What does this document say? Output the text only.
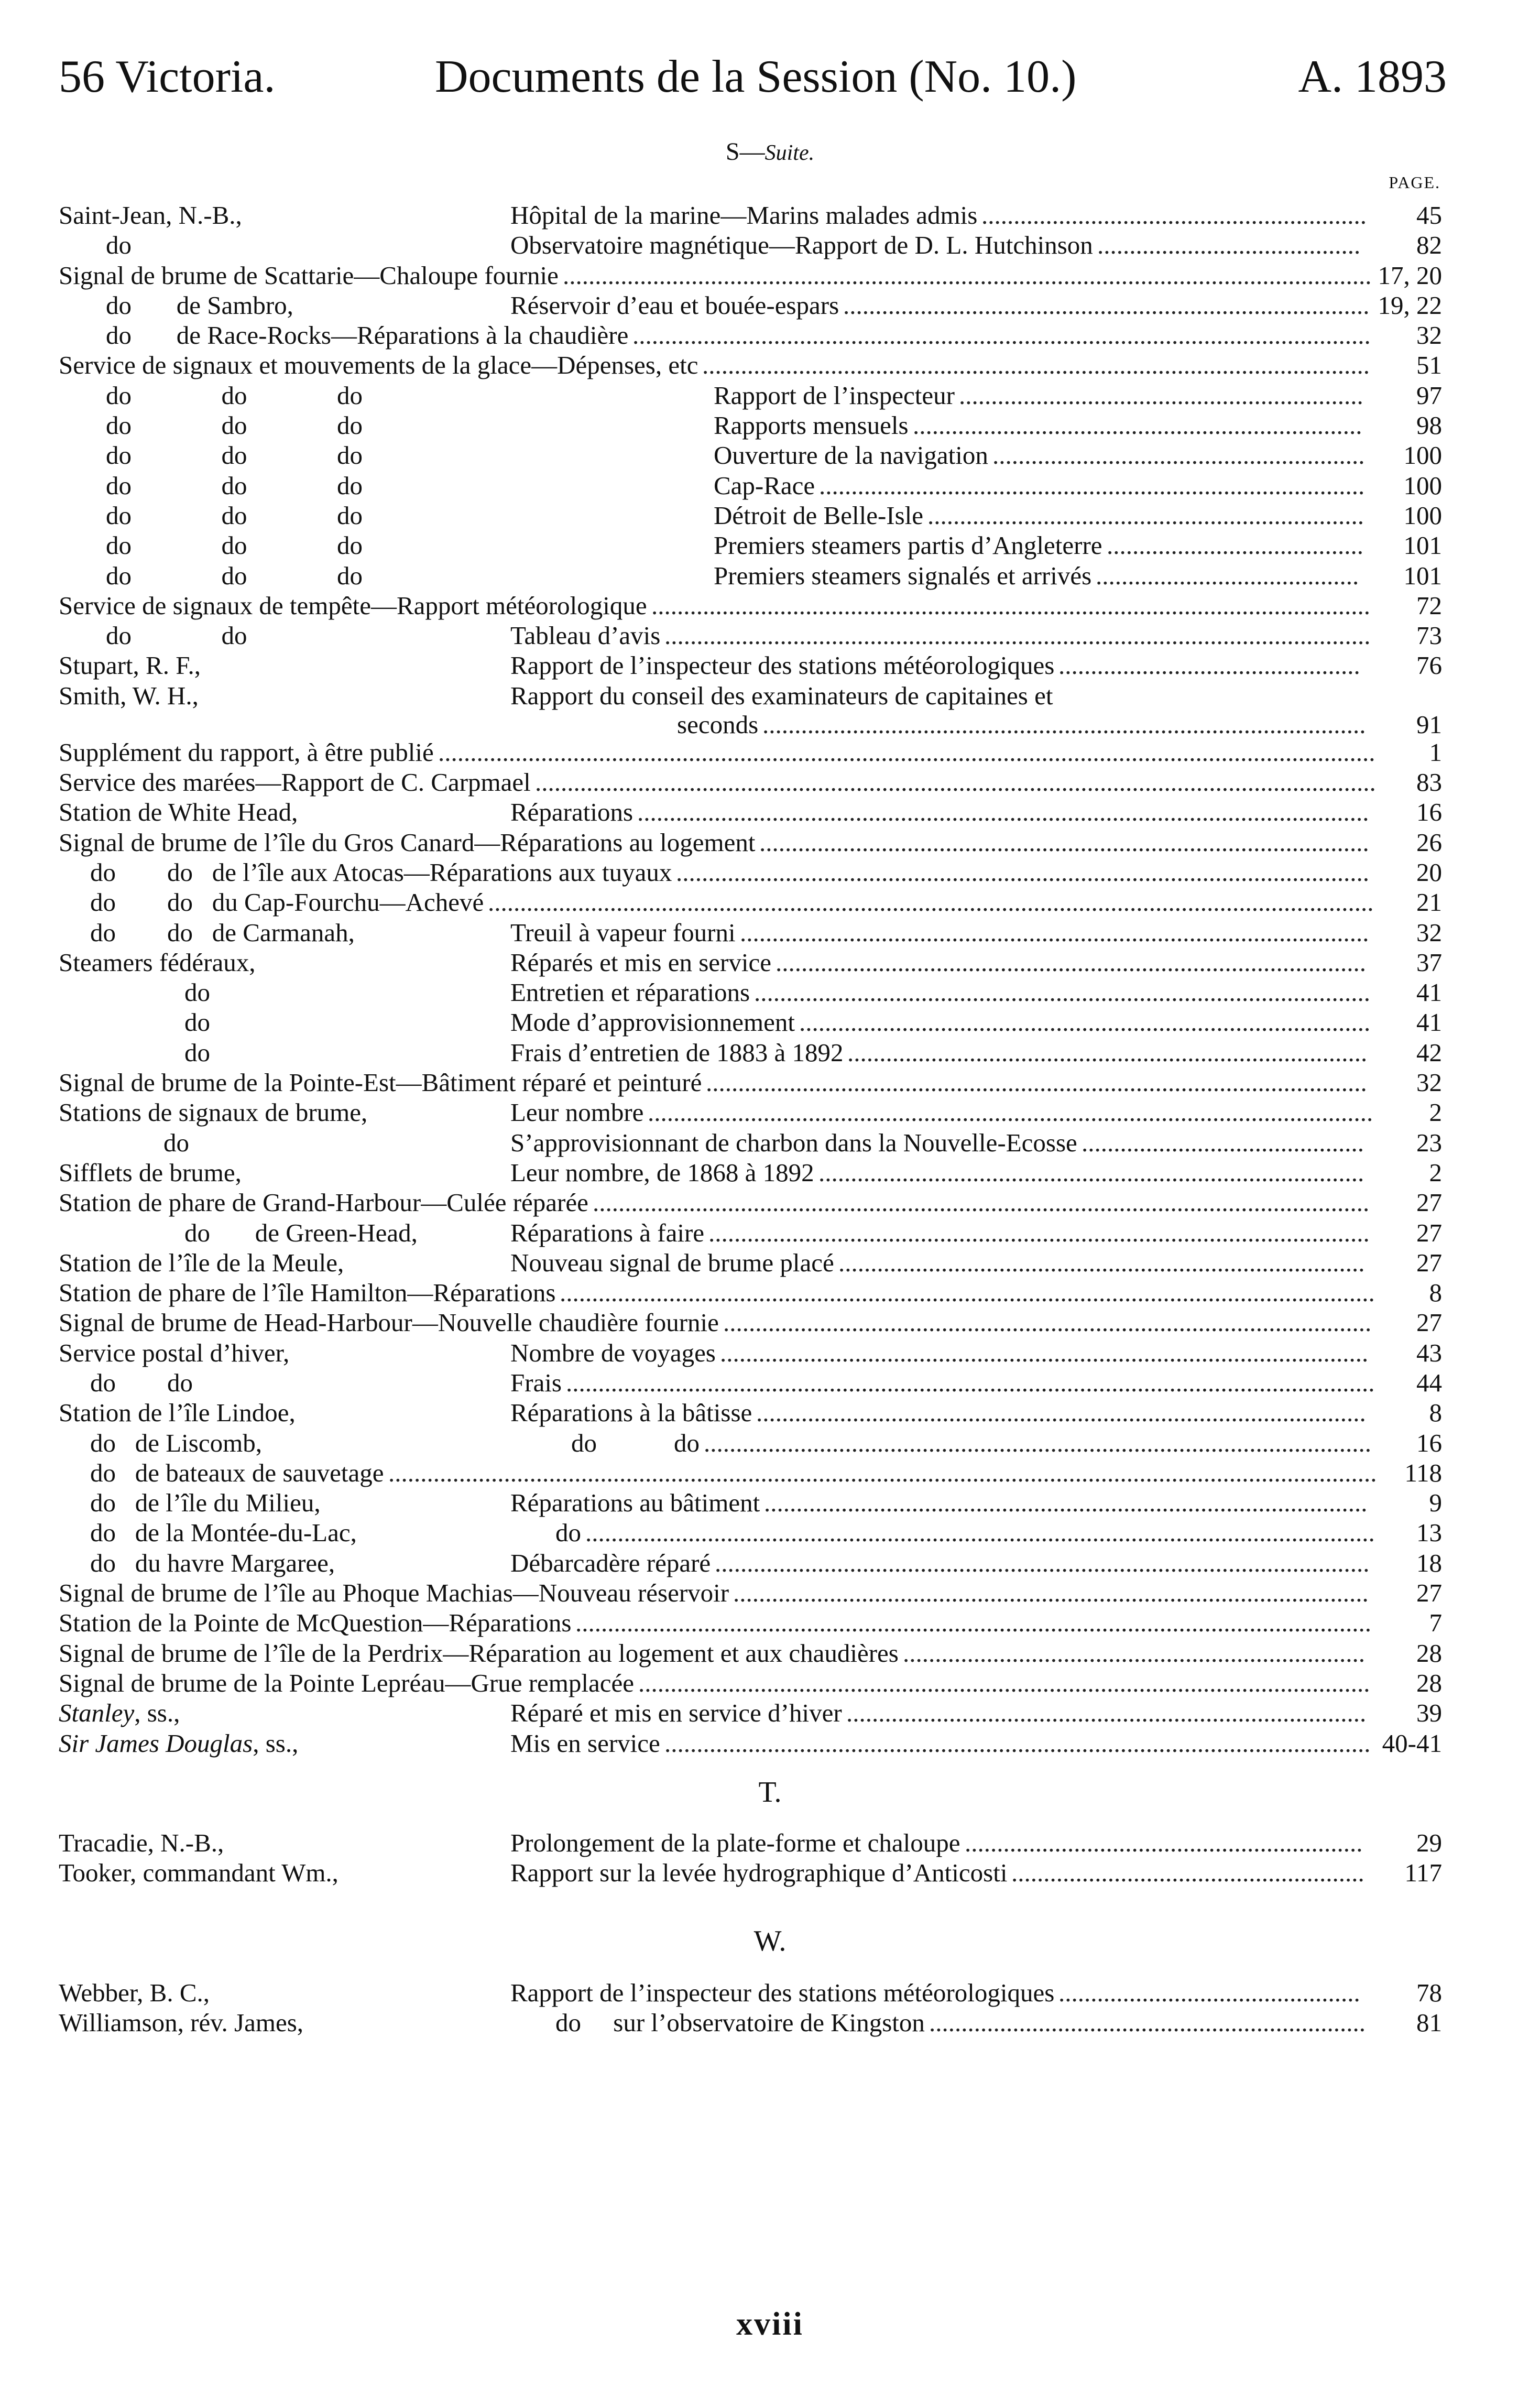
56 Victoria.	Documents de la Session (No. 10.)	A. 1893
S—Suite.
PAGE.
Saint-Jean, N.-B.,	Hôpital de la marine—Marins malades admis	45
............................................................
do	Observatoire magnétique—Rapport de D. L. Hutchinson	82
.........................................
Signal de brume de Scattarie—Chaloupe fournie	17, 20
..............................................................................................................................
do       de Sambro,	Réservoir d’eau et bouée-espars	19, 22
..................................................................................
do       de Race-Rocks—Réparations à la chaudière	32
...................................................................................................................
Service de signaux et mouvements de la glace—Dépenses, etc	51
........................................................................................................
do              do              do	Rapport de l’inspecteur	97
...............................................................
do              do              do	Rapports mensuels	98
......................................................................
do              do              do	Ouverture de la navigation	100
..........................................................
do              do              do	Cap-Race	100
.....................................................................................
do              do              do	Détroit de Belle-Isle	100
....................................................................
do              do              do	Premiers steamers partis d’Angleterre	101
........................................
do              do              do	Premiers steamers signalés et arrivés	101
.........................................
Service de signaux de tempête—Rapport météorologique	72
................................................................................................................
do              do	Tableau d’avis	73
..............................................................................................................
Stupart, R. F.,	Rapport de l’inspecteur des stations météorologiques	76
...............................................
Smith, W. H.,	Rapport du conseil des examinateurs de capitaines et
seconds	91
..............................................................................................
Supplément du rapport, à être publié	1
..................................................................................................................................................
Service des marées—Rapport de C. Carpmael	83
...................................................................................................................................
Station de White Head,	Réparations	16
..................................................................................................................
Signal de brume de l’île du Gros Canard—Réparations au logement	26
...............................................................................................
do        do   de l’île aux Atocas—Réparations aux tuyaux	20
............................................................................................................
do        do   du Cap-Fourchu—Achevé	21
..........................................................................................................................................
do        do   de Carmanah,	Treuil à vapeur fourni	32
..................................................................................................
Steamers fédéraux,	Réparés et mis en service	37
............................................................................................
do	Entretien et réparations	41
................................................................................................
do	Mode d’approvisionnement	41
.........................................................................................
do	Frais d’entretien de 1883 à 1892	42
.................................................................................
Signal de brume de la Pointe-Est—Bâtiment réparé et peinturé	32
.......................................................................................................
Stations de signaux de brume,	Leur nombre	2
.................................................................................................................
do	S’approvisionnant de charbon dans la Nouvelle-Ecosse	23
............................................
Sifflets de brume,	Leur nombre, de 1868 à 1892	2
.....................................................................................
Station de phare de Grand-Harbour—Culée réparée	27
.........................................................................................................................
do       de Green-Head,	Réparations à faire	27
.......................................................................................................
Station de l’île de la Meule,	Nouveau signal de brume placé	27
..................................................................................
Station de phare de l’île Hamilton—Réparations	8
...............................................................................................................................
Signal de brume de Head-Harbour—Nouvelle chaudière fournie	27
.....................................................................................................
Service postal d’hiver,	Nombre de voyages	43
.....................................................................................................
do        do	Frais	44
..............................................................................................................................
Station de l’île Lindoe,	Réparations à la bâtisse	8
...............................................................................................
do   de Liscomb,	do            do	16
........................................................................................................
do   de bateaux de sauvetage	118
..........................................................................................................................................................
do   de l’île du Milieu,	Réparations au bâtiment	9
..............................................................................................
do   de la Montée-du-Lac,	do	13
...........................................................................................................................
do   du havre Margaree,	Débarcadère réparé	18
......................................................................................................
Signal de brume de l’île au Phoque Machias—Nouveau réservoir	27
...................................................................................................
Station de la Pointe de McQuestion—Réparations	7
............................................................................................................................
Signal de brume de l’île de la Perdrix—Réparation au logement et aux chaudières	28
........................................................................
Signal de brume de la Pointe Lepréau—Grue remplacée	28
..................................................................................................................
Stanley, ss.,	Réparé et mis en service d’hiver	39
.................................................................................
Sir James Douglas, ss.,	Mis en service	40-41
..............................................................................................................
T.
Tracadie, N.-B.,	Prolongement de la plate-forme et chaloupe	29
..............................................................
Tooker, commandant Wm.,	Rapport sur la levée hydrographique d’Anticosti	117
.......................................................
W.
Webber, B. C.,	Rapport de l’inspecteur des stations météorologiques	78
...............................................
Williamson, rév. James,	do     sur l’observatoire de Kingston	81
....................................................................
xviii
